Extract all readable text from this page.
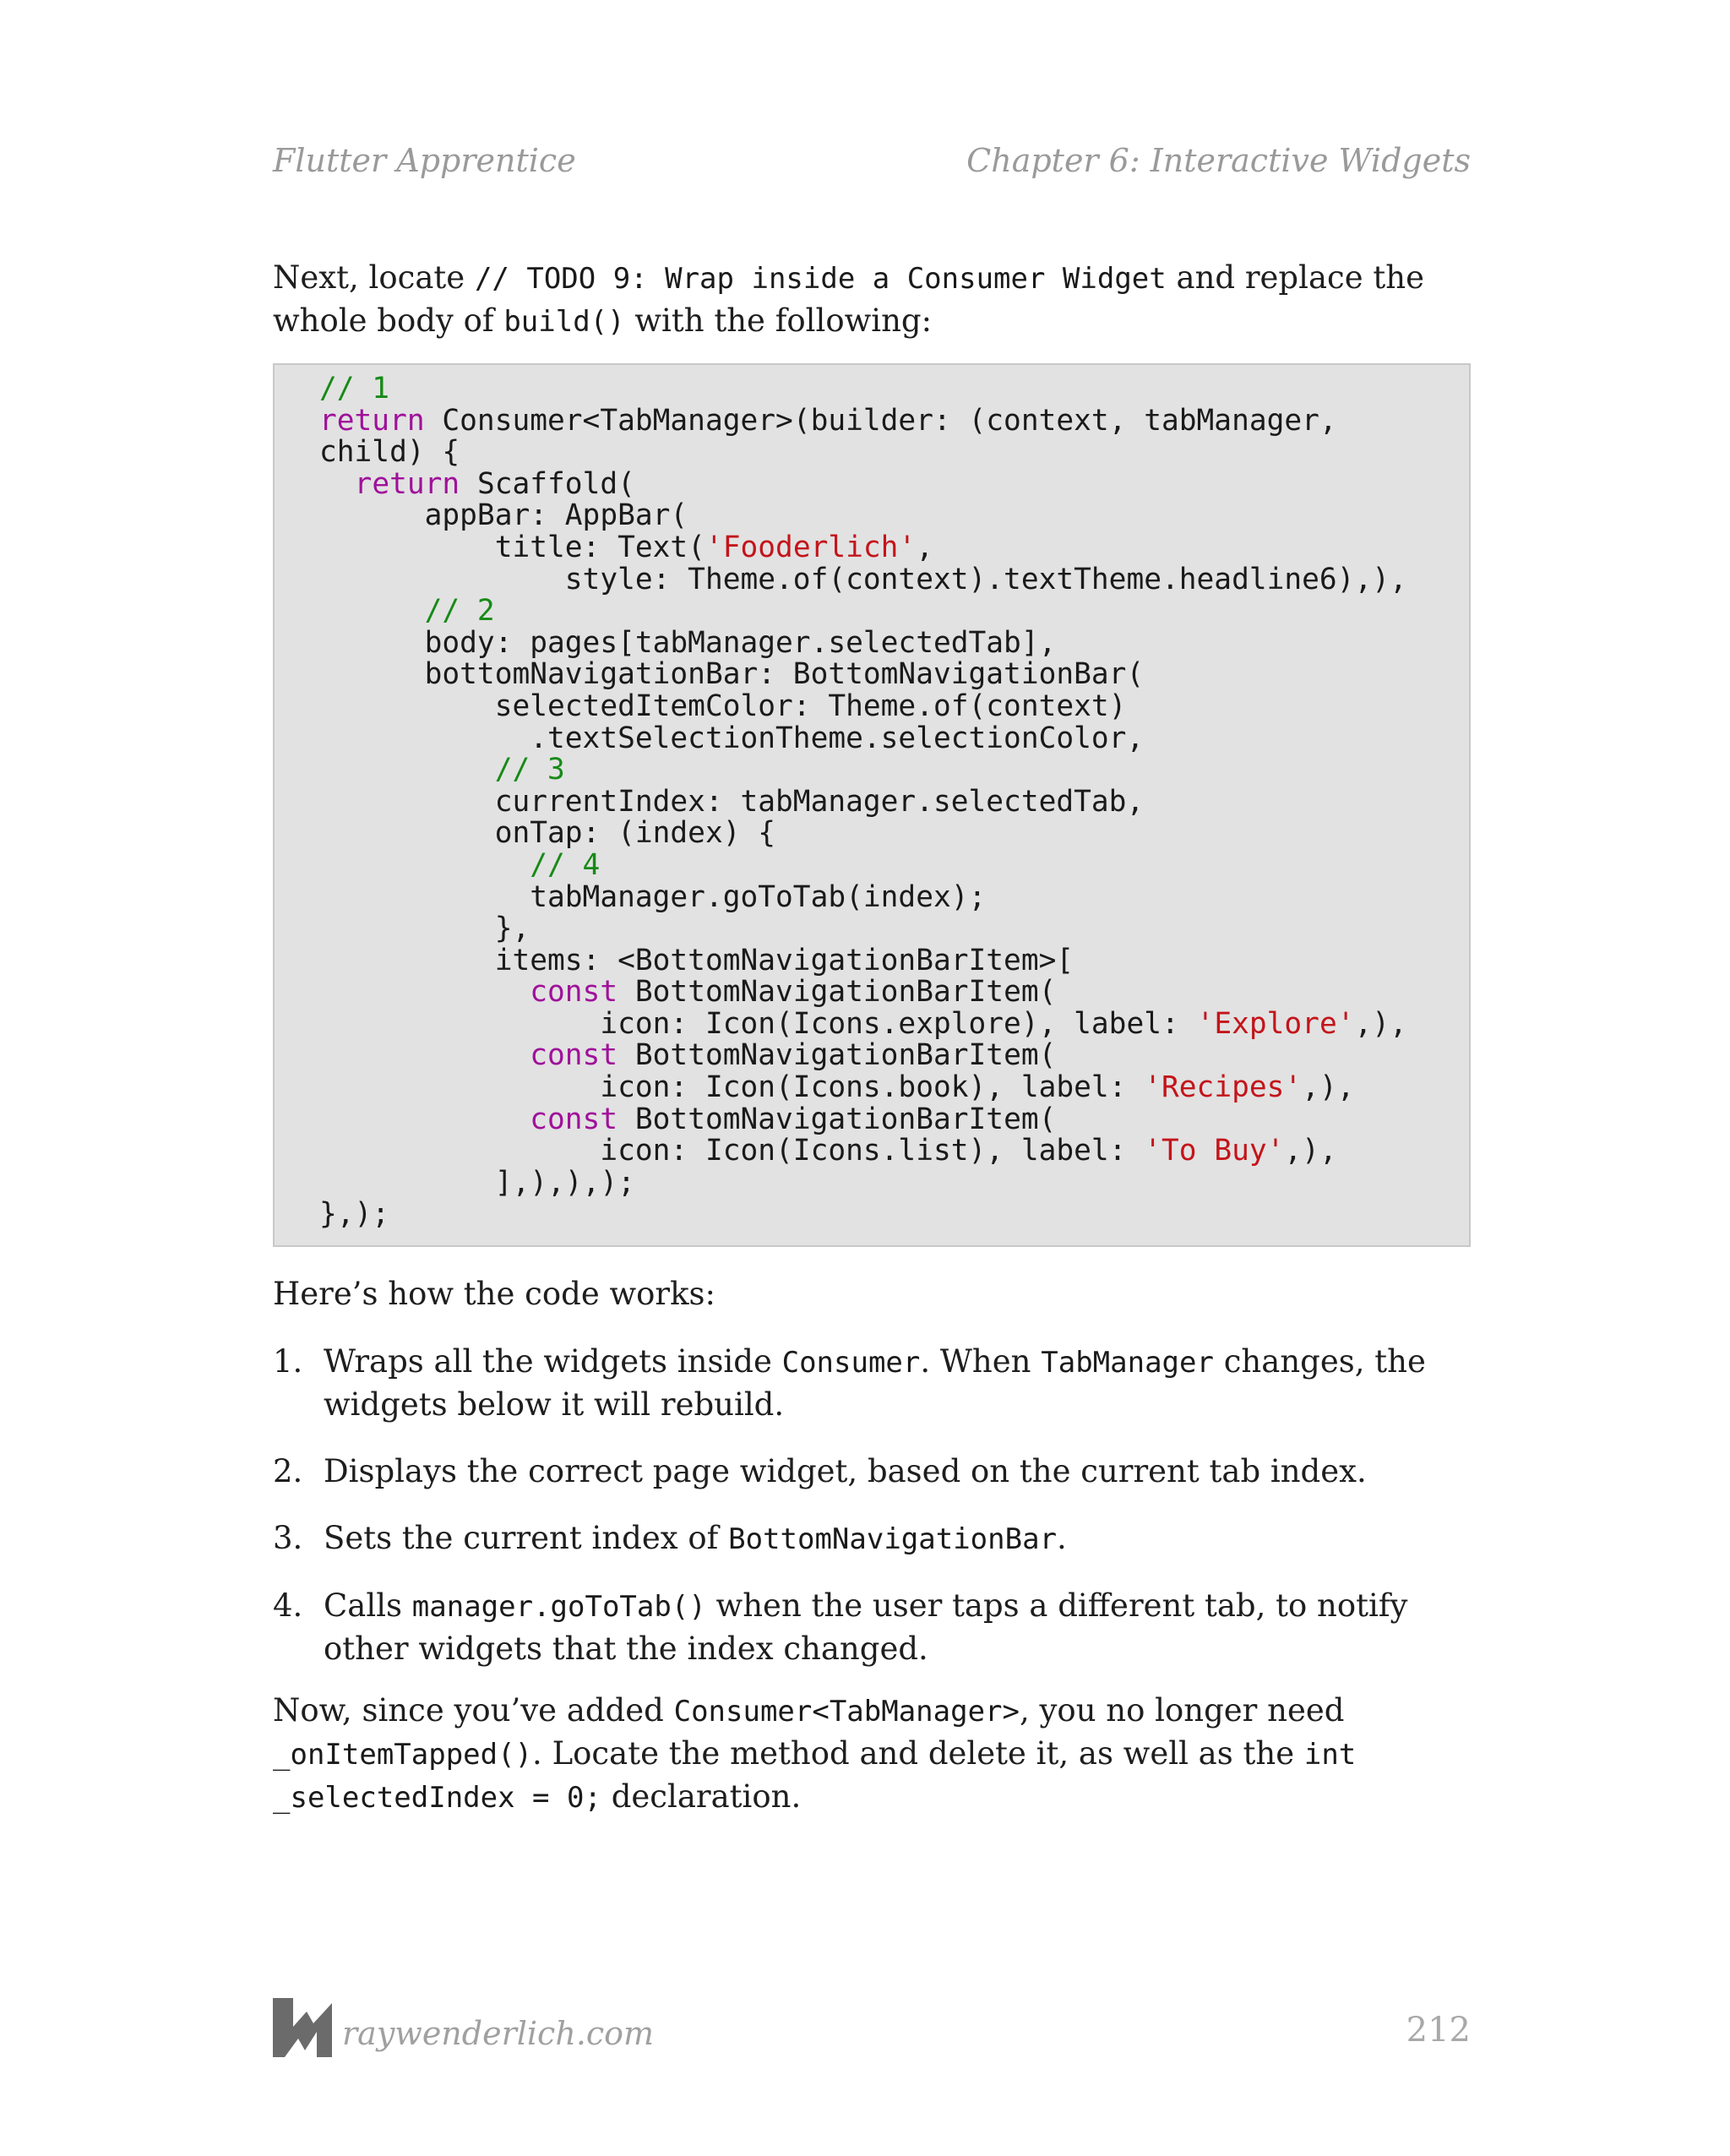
Flutter Apprentice	Chapter 6: Interactive Widgets

Next, locate // TODO 9: Wrap inside a Consumer Widget and replace the whole body of build() with the following:

// 1
return Consumer<TabManager>(builder: (context, tabManager,
child) {
return Scaffold(
appBar: AppBar(
title: Text('Fooderlich',
style: Theme.of(context).textTheme.headline6),),
// 2
body: pages[tabManager.selectedTab],
bottomNavigationBar: BottomNavigationBar(
selectedItemColor: Theme.of(context)
.textSelectionTheme.selectionColor,
// 3
currentIndex: tabManager.selectedTab,
onTap: (index) {
// 4
tabManager.goToTab(index);
},
items: <BottomNavigationBarItem>[
const BottomNavigationBarItem(
icon: Icon(Icons.explore), label: 'Explore',),
const BottomNavigationBarItem(
icon: Icon(Icons.book), label: 'Recipes',),
const BottomNavigationBarItem(
icon: Icon(Icons.list), label: 'To Buy',),
],),),);
},);

Here’s how the code works:

1. Wraps all the widgets inside Consumer. When TabManager changes, the widgets below it will rebuild.
2. Displays the correct page widget, based on the current tab index.
3. Sets the current index of BottomNavigationBar.
4. Calls manager.goToTab() when the user taps a different tab, to notify other widgets that the index changed.

Now, since you’ve added Consumer<TabManager>, you no longer need _onItemTapped(). Locate the method and delete it, as well as the int _selectedIndex = 0; declaration.

raywenderlich.com	212
